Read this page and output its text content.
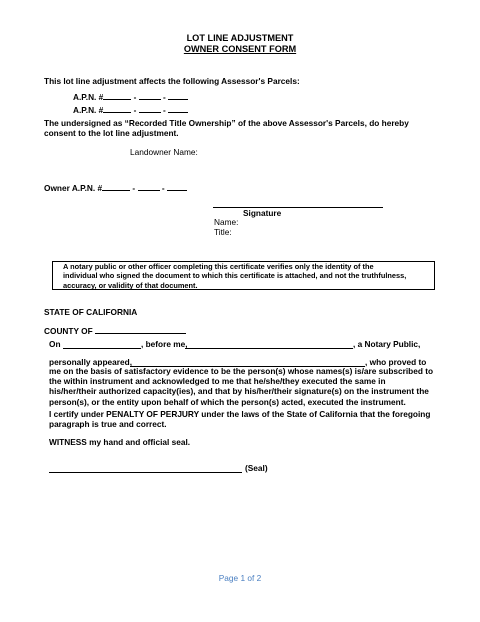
LOT LINE ADJUSTMENT
OWNER CONSENT FORM
This lot line adjustment affects the following Assessor's Parcels:
A.P.N. #	-	-
A.P.N. #	-	-
The undersigned as “Recorded Title Ownership” of the above Assessor's Parcels, do hereby consent to the lot line adjustment.
Landowner Name:
Owner A.P.N. #	-	-
Signature
Name:
Title:
A notary public or other officer completing this certificate verifies only the identity of the individual who signed the document to which this certificate is attached, and not the truthfulness, accuracy, or validity of that document.
STATE OF CALIFORNIA
COUNTY OF
On	, before me,	, a Notary Public,
personally appeared,	, who proved to
me on the basis of satisfactory evidence to be the person(s) whose names(s) is/are subscribed to the within instrument and acknowledged to me that he/she/they executed the same in his/her/their authorized capacity(ies), and that by his/her/their signature(s) on the instrument the person(s), or the entity upon behalf of which the person(s) acted, executed the instrument.
I certify under PENALTY OF PERJURY under the laws of the State of California that the foregoing paragraph is true and correct.
WITNESS my hand and official seal.
(Seal)
Page 1 of 2
